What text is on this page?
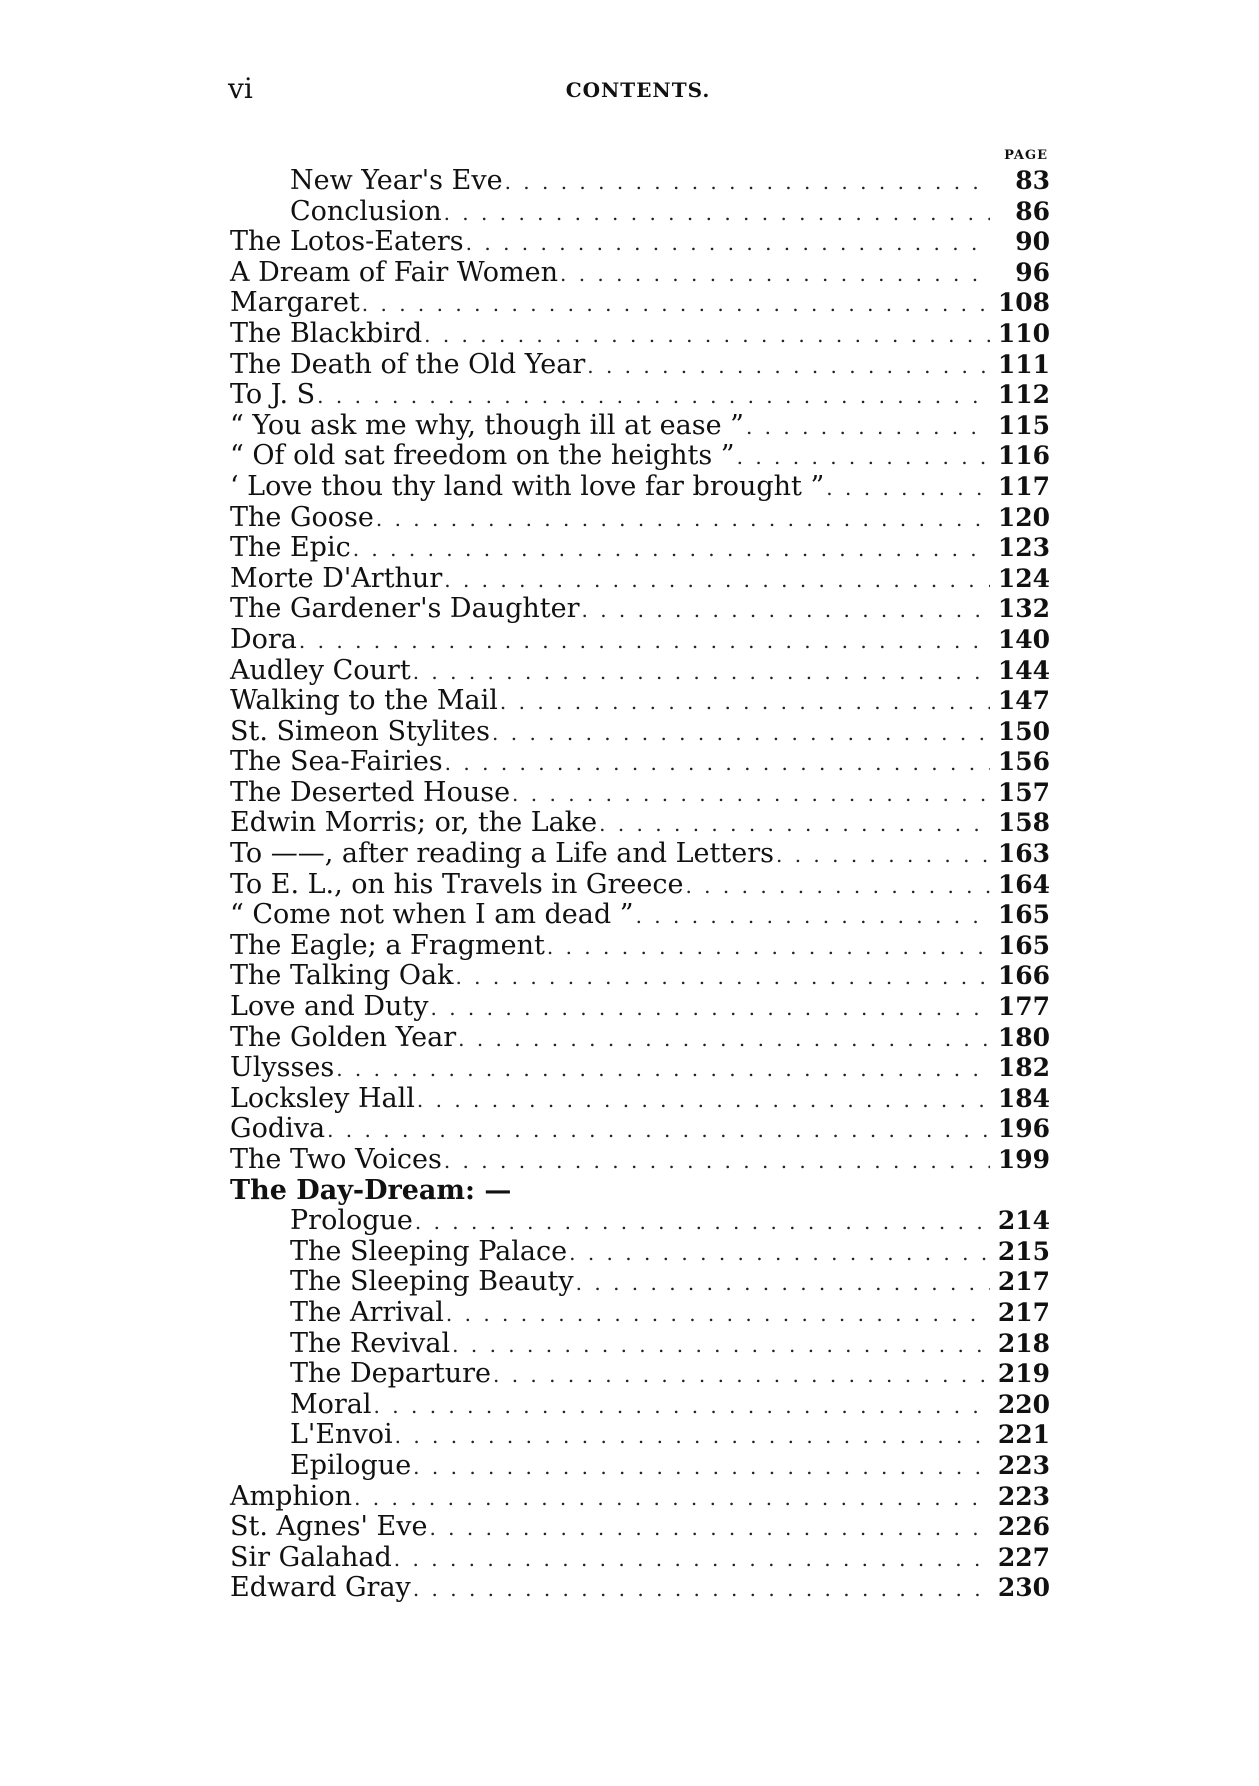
vi	CONTENTS.
PAGE
New Year's Eve . . .	83
Conclusion . . .	86
The Lotos-Eaters . . .	90
A Dream of Fair Women . . .	96
Margaret . . .	108
The Blackbird . . .	110
The Death of the Old Year . . .	111
To J. S . . .	112
“ You ask me why, though ill at ease ” . . .	115
“ Of old sat freedom on the heights ” . . .	116
‘ Love thou thy land with love far brought ” . . .	117
The Goose . . .	120
The Epic . . .	123
Morte D'Arthur . . .	124
The Gardener's Daughter . . .	132
Dora . . .	140
Audley Court . . .	144
Walking to the Mail . . .	147
St. Simeon Stylites . . .	150
The Sea-Fairies . . .	156
The Deserted House . . .	157
Edwin Morris; or, the Lake . . .	158
To ——, after reading a Life and Letters . . .	163
To E. L., on his Travels in Greece . . .	164
“ Come not when I am dead ” . . .	165
The Eagle; a Fragment . . .	165
The Talking Oak . . .	166
Love and Duty . . .	177
The Golden Year . . .	180
Ulysses . . .	182
Locksley Hall . . .	184
Godiva . . .	196
The Two Voices . . .	199
The Day-Dream: —
Prologue . . .	214
The Sleeping Palace . . .	215
The Sleeping Beauty . . .	217
The Arrival . . .	217
The Revival . . .	218
The Departure . . .	219
Moral . . .	220
L'Envoi . . .	221
Epilogue . . .	223
Amphion . . .	223
St. Agnes' Eve . . .	226
Sir Galahad . . .	227
Edward Gray . . .	230
